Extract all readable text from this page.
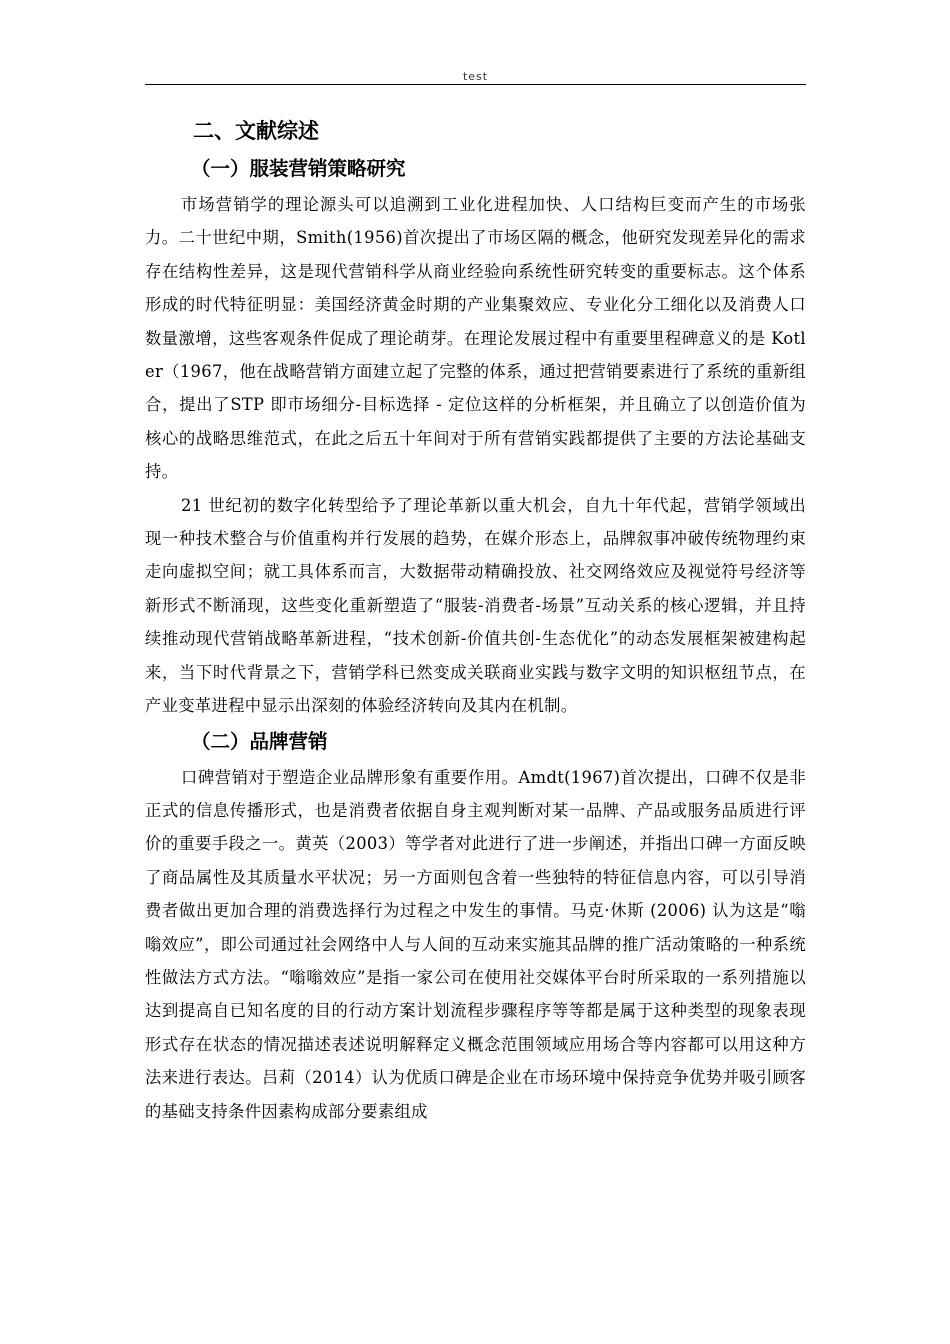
test
二、文献综述
（一）服装营销策略研究

市场营销学的理论源头可以追溯到工业化进程加快、人口结构巨变而产生的市场张力。二十世纪中期，Smith(1956)首次提出了市场区隔的概念，他研究发现差异化的需求存在结构性差异，这是现代营销科学从商业经验向系统性研究转变的重要标志。这个体系形成的时代特征明显：美国经济黄金时期的产业集聚效应、专业化分工细化以及消费人口数量激增，这些客观条件促成了理论萌芽。在理论发展过程中有重要里程碑意义的是 Kotler（1967，他在战略营销方面建立起了完整的体系，通过把营销要素进行了系统的重新组合，提出了STP 即市场细分-目标选择 - 定位这样的分析框架，并且确立了以创造价值为核心的战略思维范式，在此之后五十年间对于所有营销实践都提供了主要的方法论基础支持。

21 世纪初的数字化转型给予了理论革新以重大机会，自九十年代起，营销学领域出现一种技术整合与价值重构并行发展的趋势，在媒介形态上，品牌叙事冲破传统物理约束走向虚拟空间；就工具体系而言，大数据带动精确投放、社交网络效应及视觉符号经济等新形式不断涌现，这些变化重新塑造了“服装-消费者-场景”互动关系的核心逻辑，并且持续推动现代营销战略革新进程，“技术创新-价值共创-生态优化”的动态发展框架被建构起来，当下时代背景之下，营销学科已然变成关联商业实践与数字文明的知识枢纽节点，在产业变革进程中显示出深刻的体验经济转向及其内在机制。

（二）品牌营销

口碑营销对于塑造企业品牌形象有重要作用。Amdt(1967)首次提出，口碑不仅是非正式的信息传播形式，也是消费者依据自身主观判断对某一品牌、产品或服务品质进行评价的重要手段之一。黄英（2003）等学者对此进行了进一步阐述，并指出口碑一方面反映了商品属性及其质量水平状况；另一方面则包含着一些独特的特征信息内容，可以引导消费者做出更加合理的消费选择行为过程之中发生的事情。马克·休斯 (2006) 认为这是“嗡嗡效应”，即公司通过社会网络中人与人间的互动来实施其品牌的推广活动策略的一种系统性做法方式方法。“嗡嗡效应”是指一家公司在使用社交媒体平台时所采取的一系列措施以达到提高自已知名度的目的行动方案计划流程步骤程序等等都是属于这种类型的现象表现形式存在状态的情况描述表述说明解释定义概念范围领域应用场合等内容都可以用这种方法来进行表达。吕莉（2014）认为优质口碑是企业在市场环境中保持竞争优势并吸引顾客的基础支持条件因素构成部分要素组成
